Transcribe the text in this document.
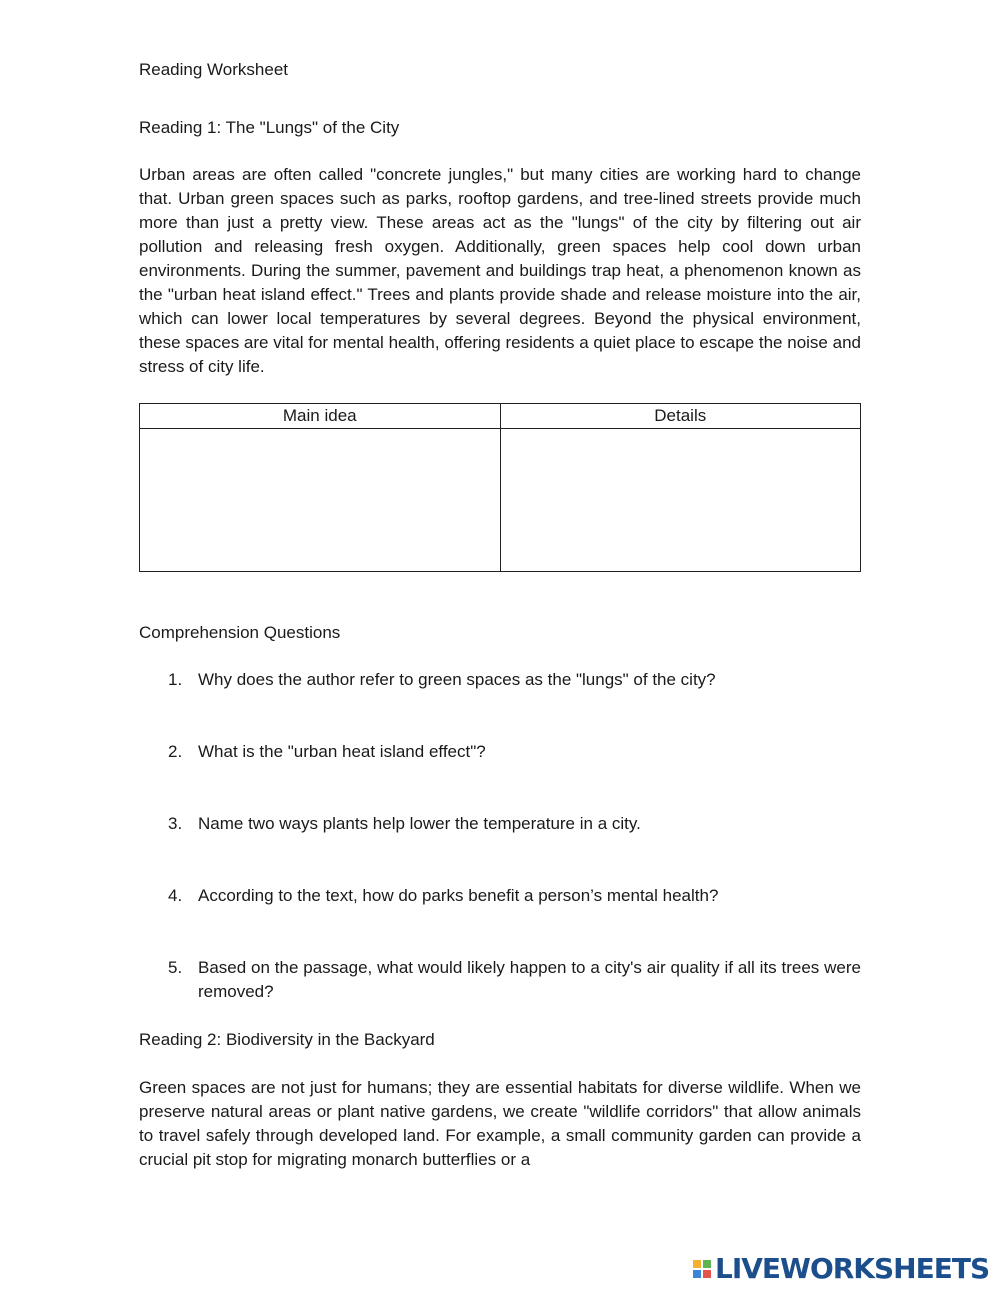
Reading Worksheet
Reading 1: The "Lungs" of the City
Urban areas are often called "concrete jungles," but many cities are working hard to change that. Urban green spaces such as parks, rooftop gardens, and tree-lined streets provide much more than just a pretty view. These areas act as the "lungs" of the city by filtering out air pollution and releasing fresh oxygen. Additionally, green spaces help cool down urban environments. During the summer, pavement and buildings trap heat, a phenomenon known as the "urban heat island effect." Trees and plants provide shade and release moisture into the air, which can lower local temperatures by several degrees. Beyond the physical environment, these spaces are vital for mental health, offering residents a quiet place to escape the noise and stress of city life.
Main idea	Details

Comprehension Questions
1. Why does the author refer to green spaces as the "lungs" of the city?
2. What is the "urban heat island effect"?
3. Name two ways plants help lower the temperature in a city.
4. According to the text, how do parks benefit a person’s mental health?
5. Based on the passage, what would likely happen to a city's air quality if all its trees were removed?
Reading 2: Biodiversity in the Backyard
Green spaces are not just for humans; they are essential habitats for diverse wildlife. When we preserve natural areas or plant native gardens, we create "wildlife corridors" that allow animals to travel safely through developed land. For example, a small community garden can provide a crucial pit stop for migrating monarch butterflies or a
LIVEWORKSHEETS
